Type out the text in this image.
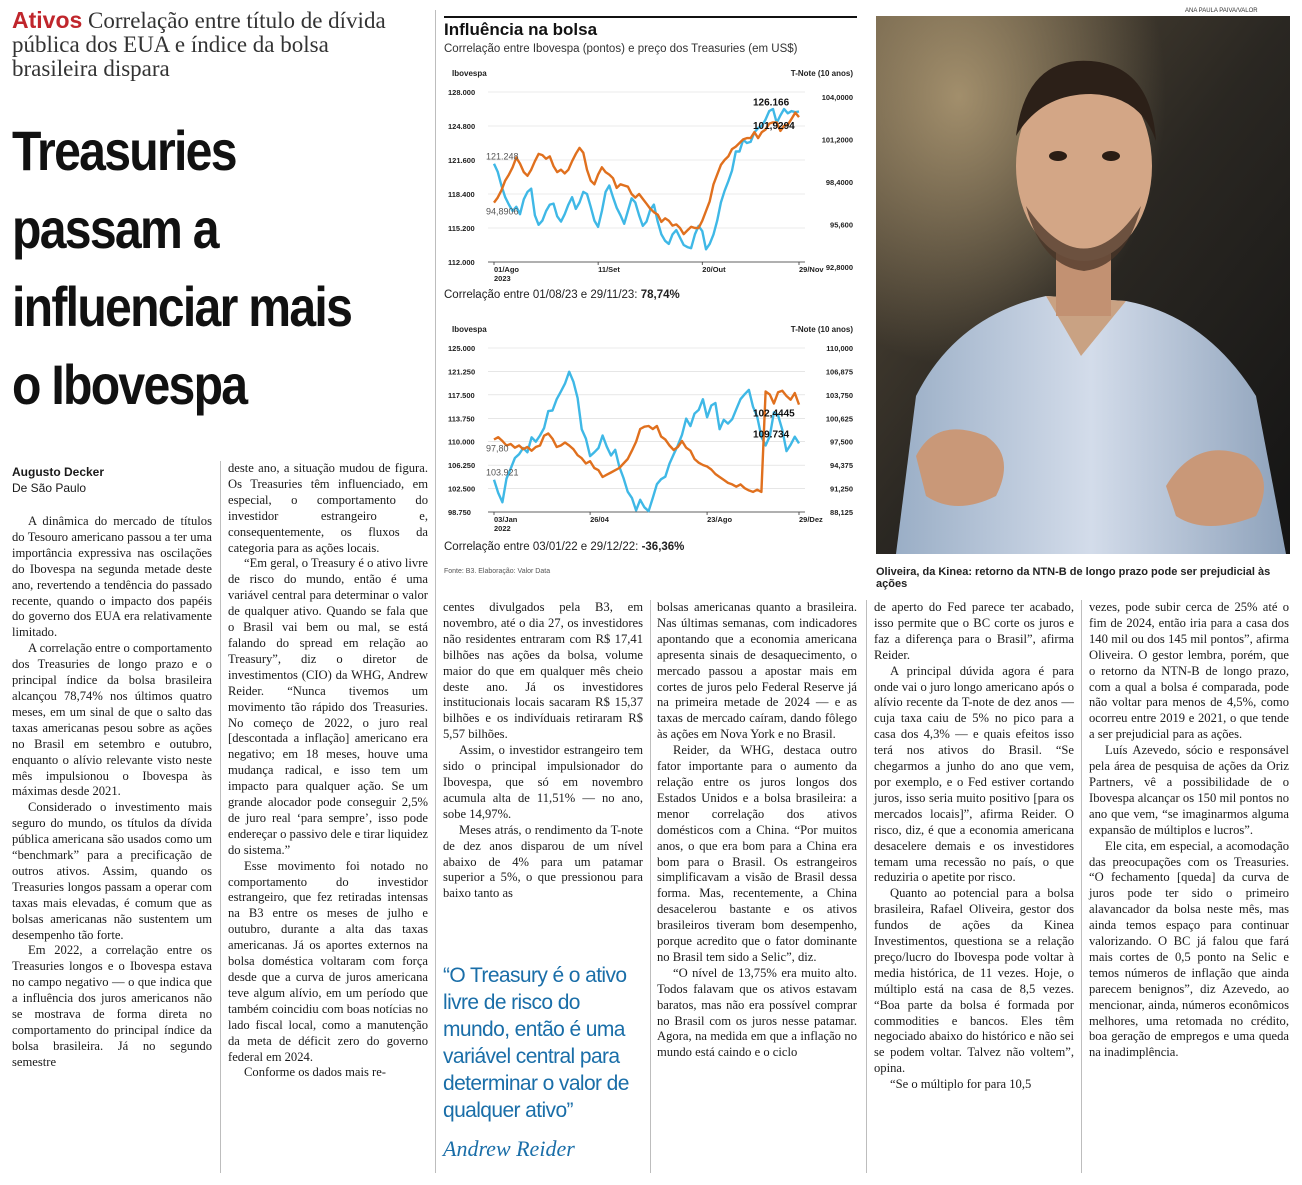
Ativos Correlação entre título de dívida pública dos EUA e índice da bolsa brasileira dispara
Treasuries passam a influenciar mais o Ibovespa
Augusto Decker
De São Paulo

A dinâmica do mercado de títulos do Tesouro americano passou a ter uma importância expressiva nas oscilações do Ibovespa na segunda metade deste ano, revertendo a tendência do passado recente, quando o impacto dos papéis do governo dos EUA era relativamente limitado.

A correlação entre o comportamento dos Treasuries de longo prazo e o principal índice da bolsa brasileira alcançou 78,74% nos últimos quatro meses, em um sinal de que o salto das taxas americanas pesou sobre as ações no Brasil em setembro e outubro, enquanto o alívio relevante visto neste mês impulsionou o Ibovespa às máximas desde 2021.

Considerado o investimento mais seguro do mundo, os títulos da dívida pública americana são usados como um “benchmark” para a precificação de outros ativos. Assim, quando os Treasuries longos passam a operar com taxas mais elevadas, é comum que as bolsas americanas não sustentem um desempenho tão forte.

Em 2022, a correlação entre os Treasuries longos e o Ibovespa estava no campo negativo — o que indica que a influência dos juros americanos não se mostrava de forma direta no comportamento do principal índice da bolsa brasileira. Já no segundo semestre

deste ano, a situação mudou de figura. Os Treasuries têm influenciado, em especial, o comportamento do investidor estrangeiro e, consequentemente, os fluxos da categoria para as ações locais.

“Em geral, o Treasury é o ativo livre de risco do mundo, então é uma variável central para determinar o valor de qualquer ativo. Quando se fala que o Brasil vai bem ou mal, se está falando do spread em relação ao Treasury”, diz o diretor de investimentos (CIO) da WHG, Andrew Reider. “Nunca tivemos um movimento tão rápido dos Treasuries. No começo de 2022, o juro real [descontada a inflação] americano era negativo; em 18 meses, houve uma mudança radical, e isso tem um impacto para qualquer ação. Se um grande alocador pode conseguir 2,5% de juro real ‘para sempre’, isso pode endereçar o passivo dele e tirar liquidez do sistema.”

Esse movimento foi notado no comportamento do investidor estrangeiro, que fez retiradas intensas na B3 entre os meses de julho e outubro, durante a alta das taxas americanas. Já os aportes externos na bolsa doméstica voltaram com força desde que a curva de juros americana teve algum alívio, em um período que também coincidiu com boas notícias no lado fiscal local, como a manutenção da meta de déficit zero do governo federal em 2024.

Conforme os dados mais re-

centes divulgados pela B3, em novembro, até o dia 27, os investidores não residentes entraram com R$ 17,41 bilhões nas ações da bolsa, volume maior do que em qualquer mês cheio deste ano. Já os investidores institucionais locais sacaram R$ 15,37 bilhões e os indivíduais retiraram R$ 5,57 bilhões.

Assim, o investidor estrangeiro tem sido o principal impulsionador do Ibovespa, que só em novembro acumula alta de 11,51% — no ano, sobe 14,97%.

Meses atrás, o rendimento da T-note de dez anos disparou de um nível abaixo de 4% para um patamar superior a 5%, o que pressionou para baixo tanto as

bolsas americanas quanto a brasileira. Nas últimas semanas, com indicadores apontando que a economia americana apresenta sinais de desaquecimento, o mercado passou a apostar mais em cortes de juros pelo Federal Reserve já na primeira metade de 2024 — e as taxas de mercado caíram, dando fôlego às ações em Nova York e no Brasil.

Reider, da WHG, destaca outro fator importante para o aumento da relação entre os juros longos dos Estados Unidos e a bolsa brasileira: a menor correlação dos ativos domésticos com a China. “Por muitos anos, o que era bom para a China era bom para o Brasil. Os estrangeiros simplificavam a visão de Brasil dessa forma. Mas, recentemente, a China desacelerou bastante e os ativos brasileiros tiveram bom desempenho, porque acredito que o fator dominante no Brasil tem sido a Selic”, diz.

“O nível de 13,75% era muito alto. Todos falavam que os ativos estavam baratos, mas não era possível comprar no Brasil com os juros nesse patamar. Agora, na medida em que a inflação no mundo está caindo e o ciclo

de aperto do Fed parece ter acabado, isso permite que o BC corte os juros e faz a diferença para o Brasil”, afirma Reider.

A principal dúvida agora é para onde vai o juro longo americano após o alívio recente da T-note de dez anos — cuja taxa caiu de 5% no pico para a casa dos 4,3% — e quais efeitos isso terá nos ativos do Brasil. “Se chegarmos a junho do ano que vem, por exemplo, e o Fed estiver cortando juros, isso seria muito positivo [para os mercados locais]”, afirma Reider. O risco, diz, é que a economia americana desacelere demais e os investidores temam uma recessão no país, o que reduziria o apetite por risco.

Quanto ao potencial para a bolsa brasileira, Rafael Oliveira, gestor dos fundos de ações da Kinea Investimentos, questiona se a relação preço/lucro do Ibovespa pode voltar à media histórica, de 11 vezes. Hoje, o múltiplo está na casa de 8,5 vezes. “Boa parte da bolsa é formada por commodities e bancos. Eles têm negociado abaixo do histórico e não sei se podem voltar. Talvez não voltem”, opina.

“Se o múltiplo for para 10,5

vezes, pode subir cerca de 25% até o fim de 2024, então iria para a casa dos 140 mil ou dos 145 mil pontos”, afirma Oliveira. O gestor lembra, porém, que o retorno da NTN-B de longo prazo, com a qual a bolsa é comparada, pode não voltar para menos de 4,5%, como ocorreu entre 2019 e 2021, o que tende a ser prejudicial para as ações.

Luís Azevedo, sócio e responsável pela área de pesquisa de ações da Oriz Partners, vê a possibilidade de o Ibovespa alcançar os 150 mil pontos no ano que vem, “se imaginarmos alguma expansão de múltiplos e lucros”.

Ele cita, em especial, a acomodação das preocupações com os Treasuries. “O fechamento [queda] da curva de juros pode ter sido o primeiro alavancador da bolsa neste mês, mas ainda temos espaço para continuar valorizando. O BC já falou que fará mais cortes de 0,5 ponto na Selic e temos números de inflação que ainda parecem benignos”, diz Azevedo, ao mencionar, ainda, números econômicos melhores, uma retomada no crédito, boa geração de empregos e uma queda na inadimplência.

“O Treasury é o ativo livre de risco do mundo, então é uma variável central para determinar o valor de qualquer ativo”
Andrew Reider
Influência na bolsa
Correlação entre Ibovespa (pontos) e preço dos Treasuries (em US$)
Ibovespa	T-Note (10 anos)
128.000
124.800
121.600
118.400
115.200
112.000
104,0000
101,2000
98,4000
95,600
92,8000
01/Ago
2023
11/Set	20/Out	29/Nov
121.248
94,8906
126.166
101,9294
Correlação entre 01/08/23 e 29/11/23: 78,74%
Ibovespa	T-Note (10 anos)
125.000
121.250
117.500
113.750
110.000
106.250
102.500
98.750
110,000
106,875
103,750
100,625
97,500
94,375
91,250
88,125
03/Jan
2022
26/04	23/Ago	29/Dez
103.921
97,80
109.734
102,4445
Correlação entre 03/01/22 e 29/12/22: -36,36%
Fonte: B3. Elaboração: Valor Data
ANA PAULA PAIVA/VALOR
Oliveira, da Kinea: retorno da NTN-B de longo prazo pode ser prejudicial às ações
